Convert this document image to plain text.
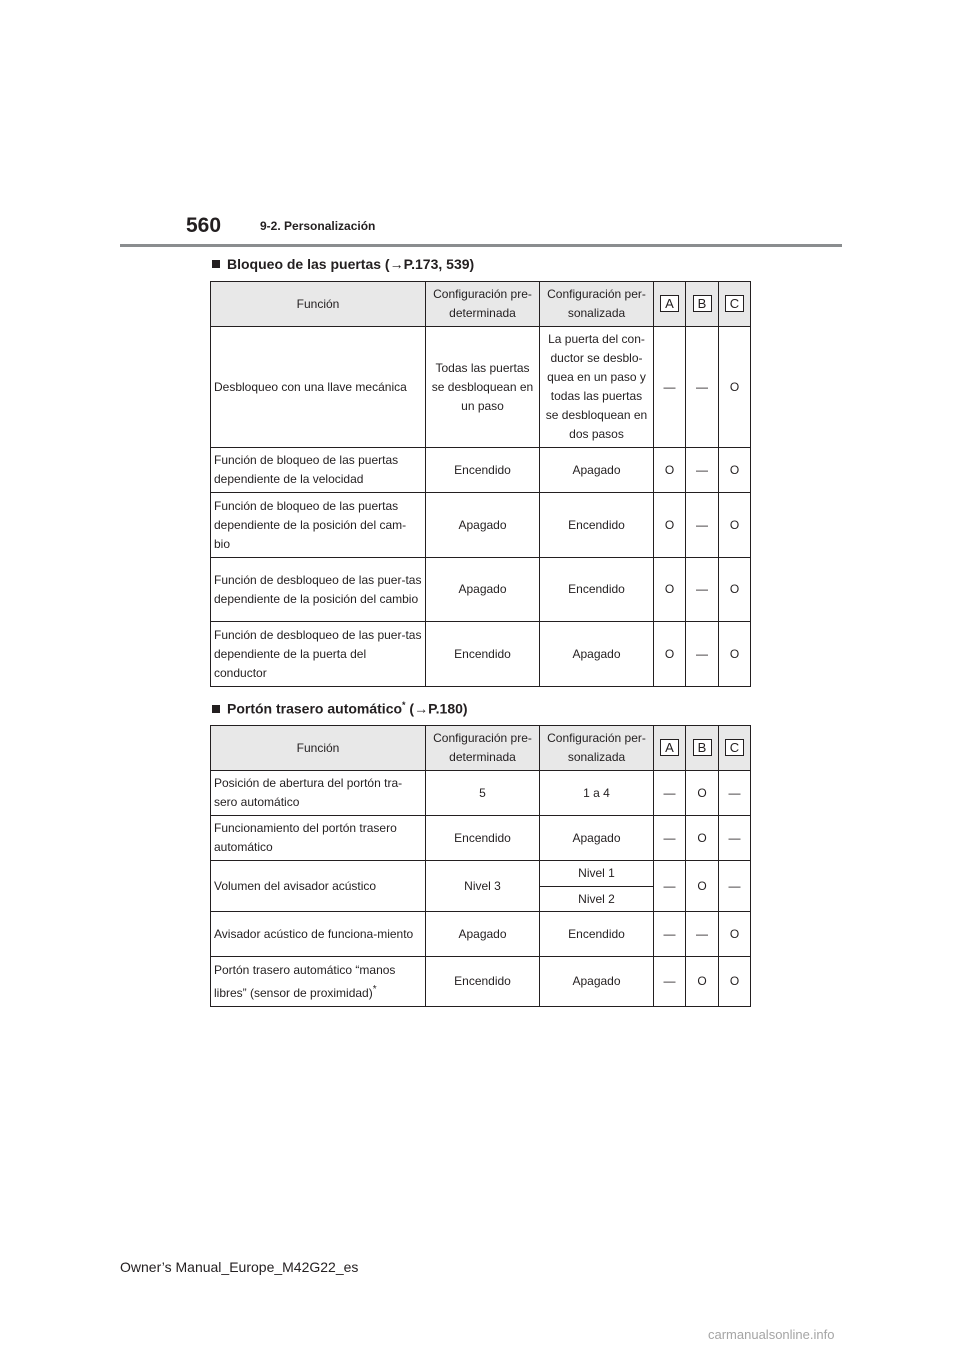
560	9-2. Personalización
Bloqueo de las puertas (→P.173, 539)
Función	Configuración pre-determinada	Configuración per-sonalizada	A	B	C
Desbloqueo con una llave mecánica	Todas las puertas se desbloquean en un paso	La puerta del con-ductor se desblo-quea en un paso y todas las puertas se desbloquean en dos pasos	—	—	O
Función de bloqueo de las puertas dependiente de la velocidad	Encendido	Apagado	O	—	O
Función de bloqueo de las puertas dependiente de la posición del cam-bio	Apagado	Encendido	O	—	O
Función de desbloqueo de las puer-tas dependiente de la posición del cambio	Apagado	Encendido	O	—	O
Función de desbloqueo de las puer-tas dependiente de la puerta del conductor	Encendido	Apagado	O	—	O
Portón trasero automático* (→P.180)
Función	Configuración pre-determinada	Configuración per-sonalizada	A	B	C
Posición de abertura del portón tra-sero automático	5	1 a 4	—	O	—
Funcionamiento del portón trasero automático	Encendido	Apagado	—	O	—
Volumen del avisador acústico	Nivel 3	Nivel 1	—	O	—
		Nivel 2			
Avisador acústico de funciona-miento	Apagado	Encendido	—	—	O
Portón trasero automático “manos libres” (sensor de proximidad)*	Encendido	Apagado	—	O	O
Owner’s Manual_Europe_M42G22_es
carmanualsonline.info
